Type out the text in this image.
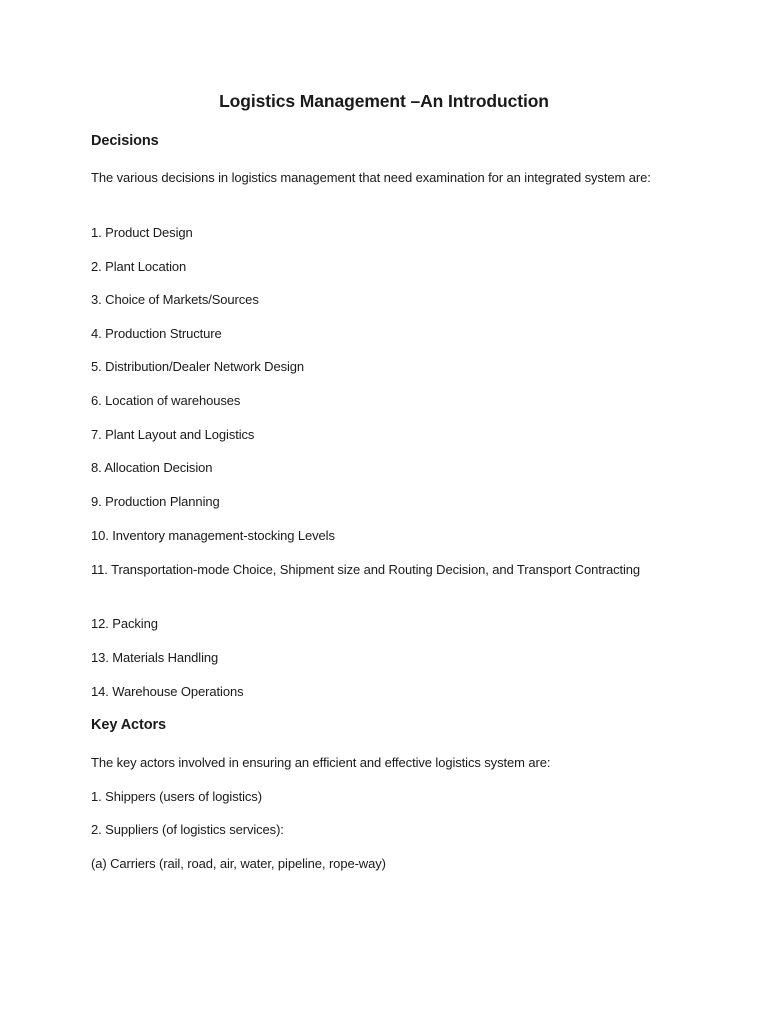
Logistics Management –An Introduction
Decisions
The various decisions in logistics management that need examination for an integrated system are:
1. Product Design
2. Plant Location
3. Choice of Markets/Sources
4. Production Structure
5. Distribution/Dealer Network Design
6. Location of warehouses
7. Plant Layout and Logistics
8. Allocation Decision
9. Production Planning
10. Inventory management-stocking Levels
11. Transportation-mode Choice, Shipment size and Routing Decision, and Transport Contracting
12. Packing
13. Materials Handling
14. Warehouse Operations
Key Actors
The key actors involved in ensuring an efficient and effective logistics system are:
1. Shippers (users of logistics)
2. Suppliers (of logistics services):
(a) Carriers (rail, road, air, water, pipeline, rope-way)
